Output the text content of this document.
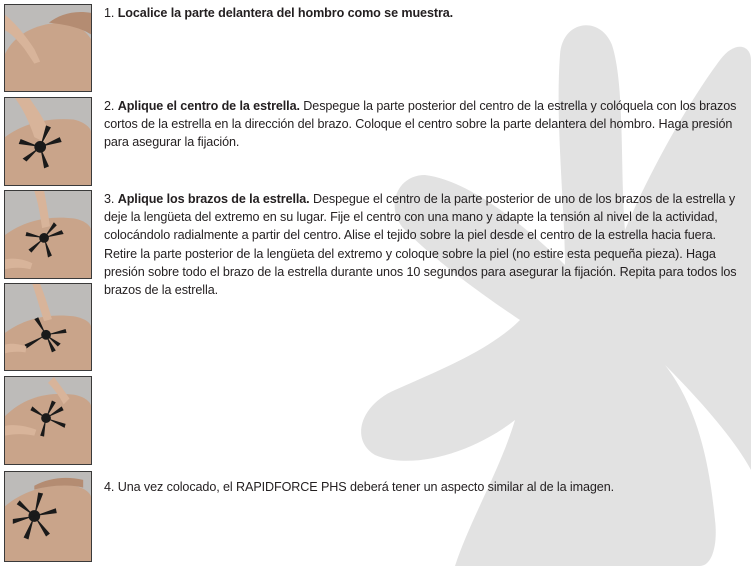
1. Localice la parte delantera del hombro como se muestra.
2. Aplique el centro de la estrella. Despegue la parte posterior del centro de la estrella y colóquela con los brazos cortos de la estrella en la dirección del brazo. Coloque el centro sobre la parte delantera del hombro. Haga presión para asegurar la fijación.
3. Aplique los brazos de la estrella. Despegue el centro de la parte posterior de uno de los brazos de la estrella y deje la lengüeta del extremo en su lugar. Fije el centro con una mano y adapte la tensión al nivel de la actividad, colocándolo radialmente a partir del centro. Alise el tejido sobre la piel desde el centro de la estrella hacia fuera. Retire la parte posterior de la lengüeta del extremo y coloque sobre la piel (no estire esta pequeña pieza). Haga presión sobre todo el brazo de la estrella durante unos 10 segundos para asegurar la fijación. Repita para todos los brazos de la estrella.
4. Una vez colocado, el RAPIDFORCE PHS deberá tener un aspecto similar al de la imagen.
